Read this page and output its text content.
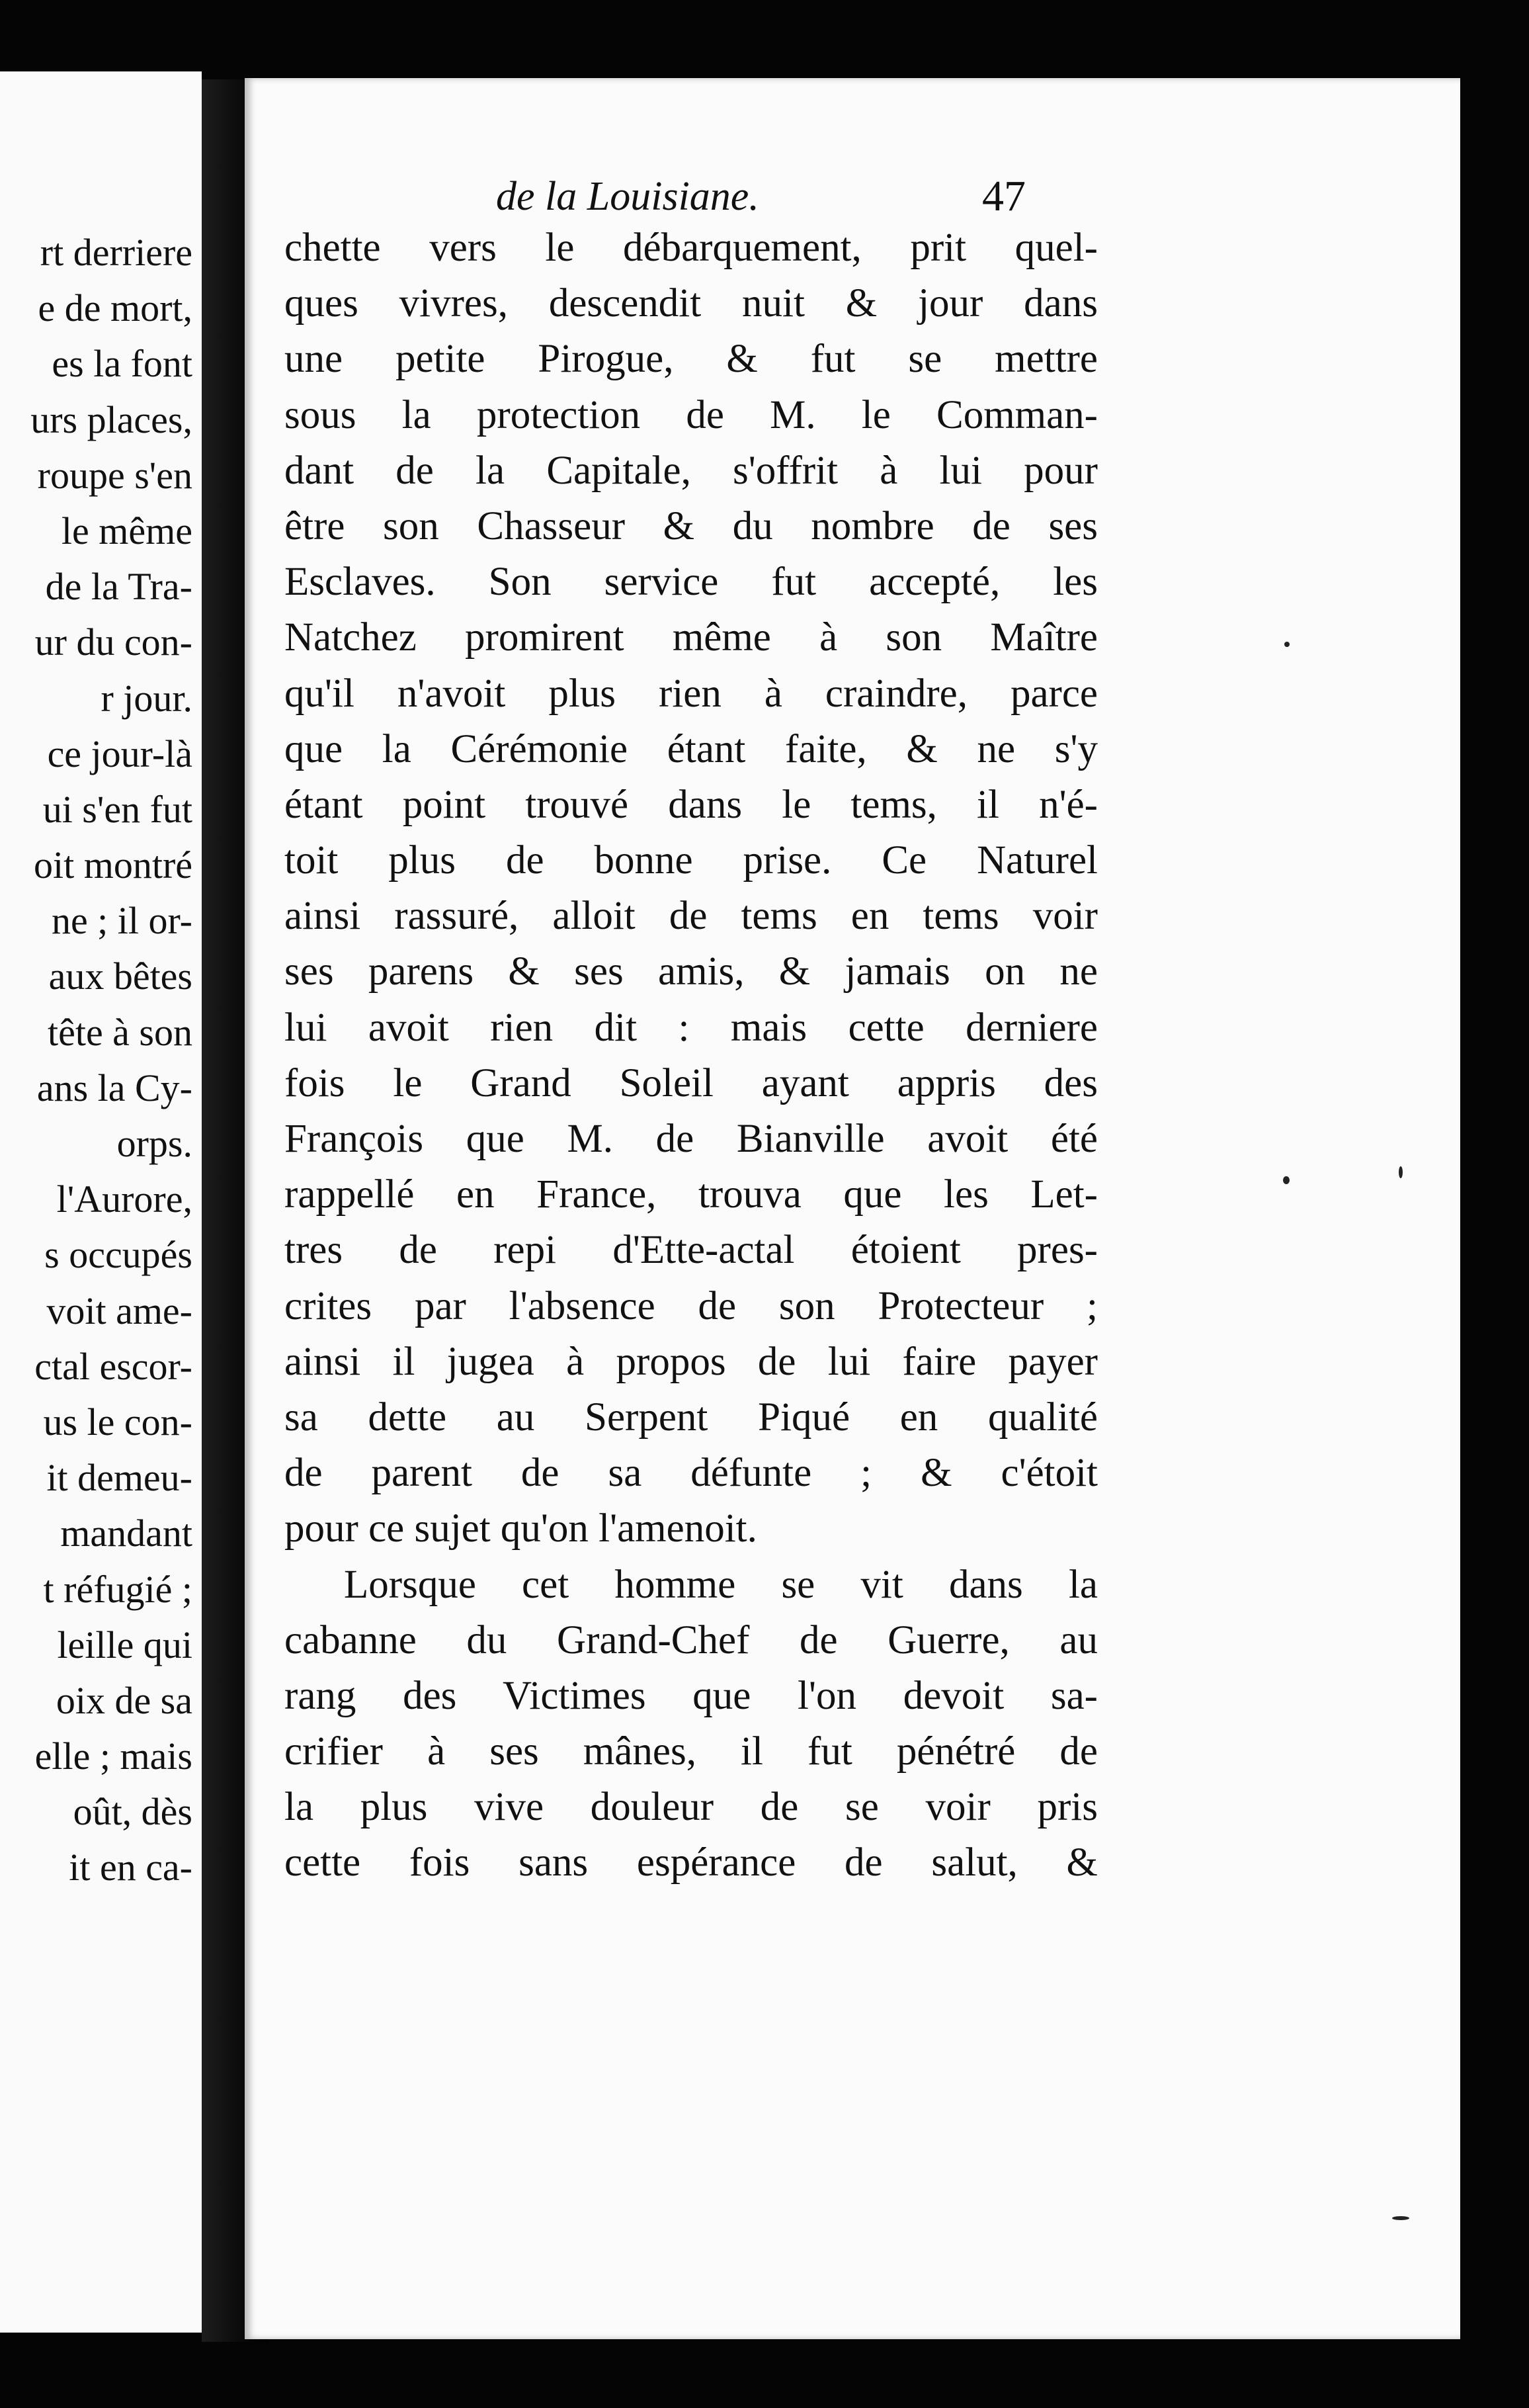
rt derriere
e de mort,
es la font
urs places,
roupe s'en
le même
de la Tra-
ur du con-
r jour.
ce jour-là
ui s'en fut
oit montré
ne ; il or-
aux bêtes
tête à son
ans la Cy-
orps.
l'Aurore,
s occupés
voit ame-
ctal escor-
us le con-
it demeu-
mandant
t réfugié ;
leille qui
oix de sa
elle ; mais
oût, dès
it en ca-
de la Louisiane.	47
chette vers le débarquement, prit quel-
ques vivres, descendit nuit & jour dans
une petite Pirogue, & fut se mettre
sous la protection de M. le Comman-
dant de la Capitale, s'offrit à lui pour
être son Chasseur & du nombre de ses
Esclaves. Son service fut accepté, les
Natchez promirent même à son Maître
qu'il n'avoit plus rien à craindre, parce
que la Cérémonie étant faite, & ne s'y
étant point trouvé dans le tems, il n'é-
toit plus de bonne prise. Ce Naturel
ainsi rassuré, alloit de tems en tems voir
ses parens & ses amis, & jamais on ne
lui avoit rien dit : mais cette derniere
fois le Grand Soleil ayant appris des
François que M. de Bianville avoit été
rappellé en France, trouva que les Let-
tres de repi d'Ette-actal étoient pres-
crites par l'absence de son Protecteur ;
ainsi il jugea à propos de lui faire payer
sa dette au Serpent Piqué en qualité
de parent de sa défunte ; & c'étoit
pour ce sujet qu'on l'amenoit.
Lorsque cet homme se vit dans la
cabanne du Grand-Chef de Guerre, au
rang des Victimes que l'on devoit sa-
crifier à ses mânes, il fut pénétré de
la plus vive douleur de se voir pris
cette fois sans espérance de salut, &
